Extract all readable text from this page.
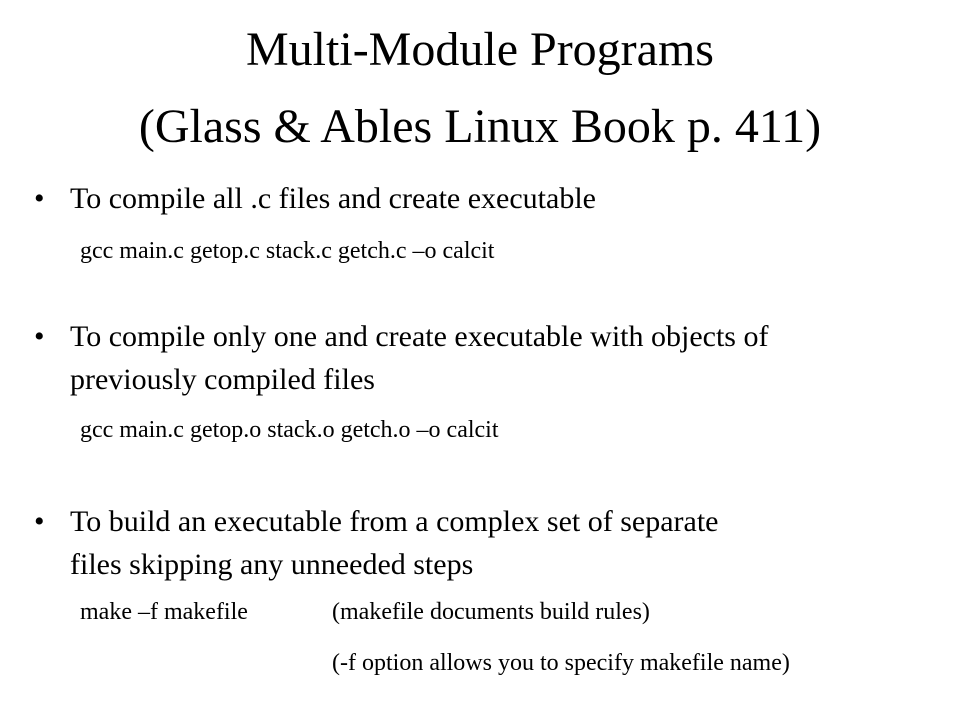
Multi-Module Programs
(Glass & Ables Linux Book p. 411)
• To compile all .c files and create executable
gcc main.c getop.c stack.c getch.c –o calcit
• To compile only one and create executable with objects of
previously compiled files
gcc main.c getop.o stack.o getch.o –o calcit
• To build an executable from a complex set of separate
files skipping any unneeded steps
make –f makefile	(makefile documents build rules)
(-f option allows you to specify makefile name)
